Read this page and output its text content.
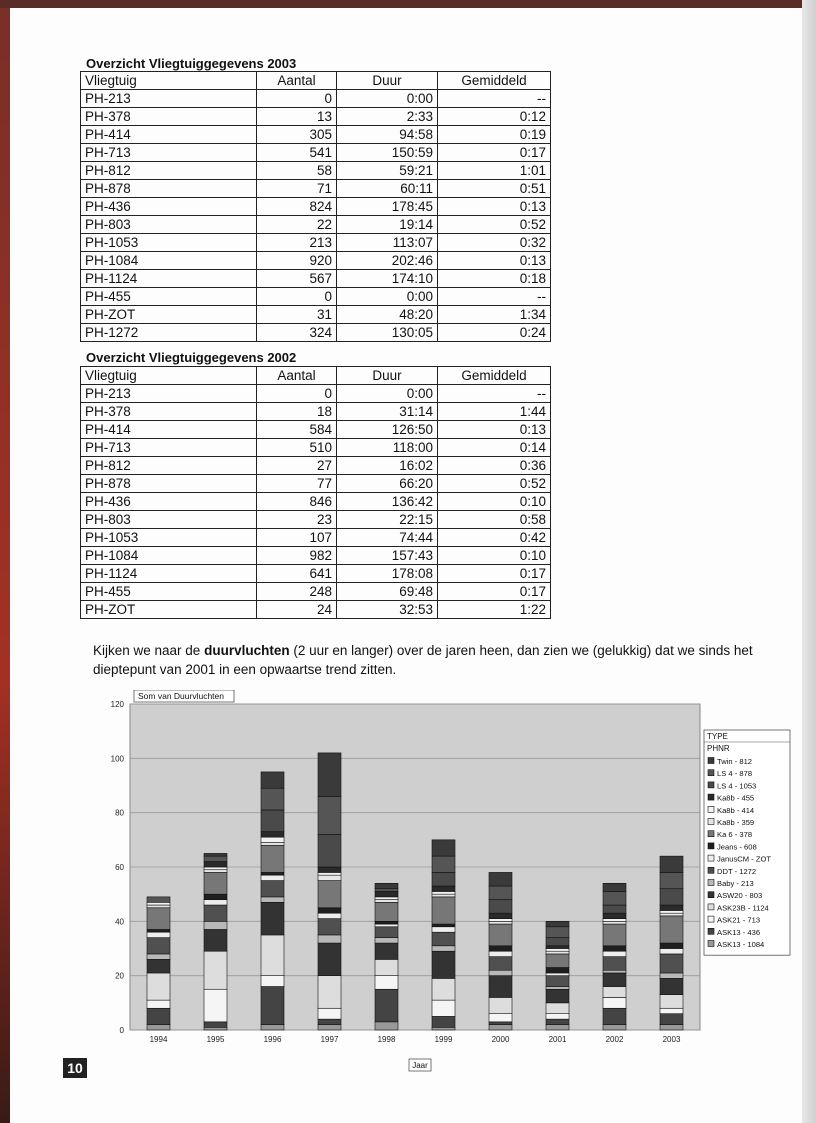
Overzicht Vliegtuiggegevens 2003
Vliegtuig	Aantal	Duur	Gemiddeld
PH-213	0	0:00	--
PH-378	13	2:33	0:12
PH-414	305	94:58	0:19
PH-713	541	150:59	0:17
PH-812	58	59:21	1:01
PH-878	71	60:11	0:51
PH-436	824	178:45	0:13
PH-803	22	19:14	0:52
PH-1053	213	113:07	0:32
PH-1084	920	202:46	0:13
PH-1124	567	174:10	0:18
PH-455	0	0:00	--
PH-ZOT	31	48:20	1:34
PH-1272	324	130:05	0:24
Overzicht Vliegtuiggegevens 2002
Vliegtuig	Aantal	Duur	Gemiddeld
PH-213	0	0:00	--
PH-378	18	31:14	1:44
PH-414	584	126:50	0:13
PH-713	510	118:00	0:14
PH-812	27	16:02	0:36
PH-878	77	66:20	0:52
PH-436	846	136:42	0:10
PH-803	23	22:15	0:58
PH-1053	107	74:44	0:42
PH-1084	982	157:43	0:10
PH-1124	641	178:08	0:17
PH-455	248	69:48	0:17
PH-ZOT	24	32:53	1:22
Kijken we naar de duurvluchten (2 uur en langer) over de jaren heen, dan zien we (gelukkig) dat we sinds het dieptepunt van 2001 in een opwaartse trend zitten.
0
20
40
60
80
100
120
Som van Duurvluchten
1994	1995	1996	1997	1998	1999	2000	2001	2002	2003
Jaar
TYPE
PHNR
Twin - 812
LS 4 - 878
LS 4 - 1053
Ka8b - 455
Ka8b - 414
Ka8b - 359
Ka 6 - 378
Jeans - 608
JanusCM - ZOT
DDT - 1272
Baby - 213
ASW20 - 803
ASK23B - 1124
ASK21 - 713
ASK13 - 436
ASK13 - 1084
10
